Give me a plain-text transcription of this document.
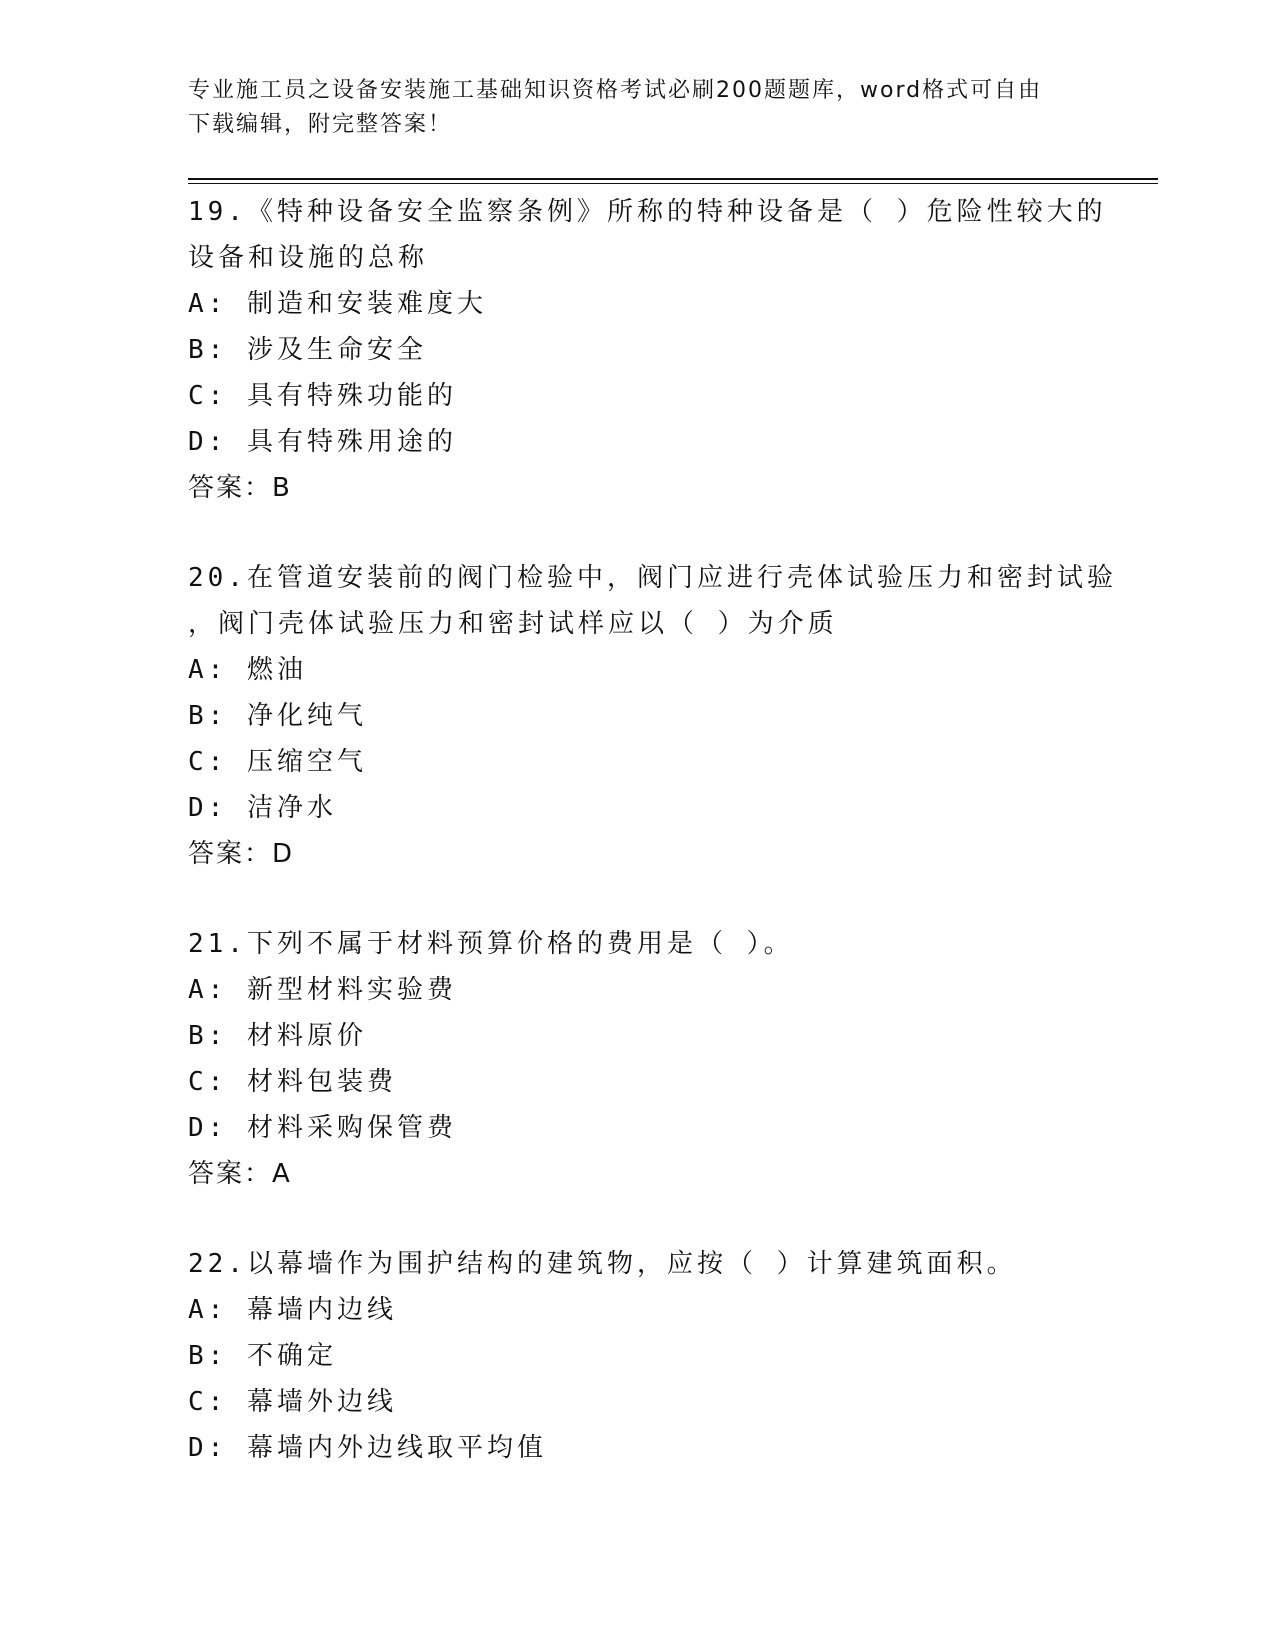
专业施工员之设备安装施工基础知识资格考试必刷200题题库，word格式可自由
下载编辑，附完整答案！
19.《特种设备安全监察条例》所称的特种设备是（ ）危险性较大的
设备和设施的总称
A: 制造和安装难度大
B: 涉及生命安全
C: 具有特殊功能的
D: 具有特殊用途的
答案：B
20.在管道安装前的阀门检验中，阀门应进行壳体试验压力和密封试验
，阀门壳体试验压力和密封试样应以（ ）为介质
A: 燃油
B: 净化纯气
C: 压缩空气
D: 洁净水
答案：D
21.下列不属于材料预算价格的费用是（ ）。
A: 新型材料实验费
B: 材料原价
C: 材料包装费
D: 材料采购保管费
答案：A
22.以幕墙作为围护结构的建筑物，应按（ ）计算建筑面积。
A: 幕墙内边线
B: 不确定
C: 幕墙外边线
D: 幕墙内外边线取平均值
